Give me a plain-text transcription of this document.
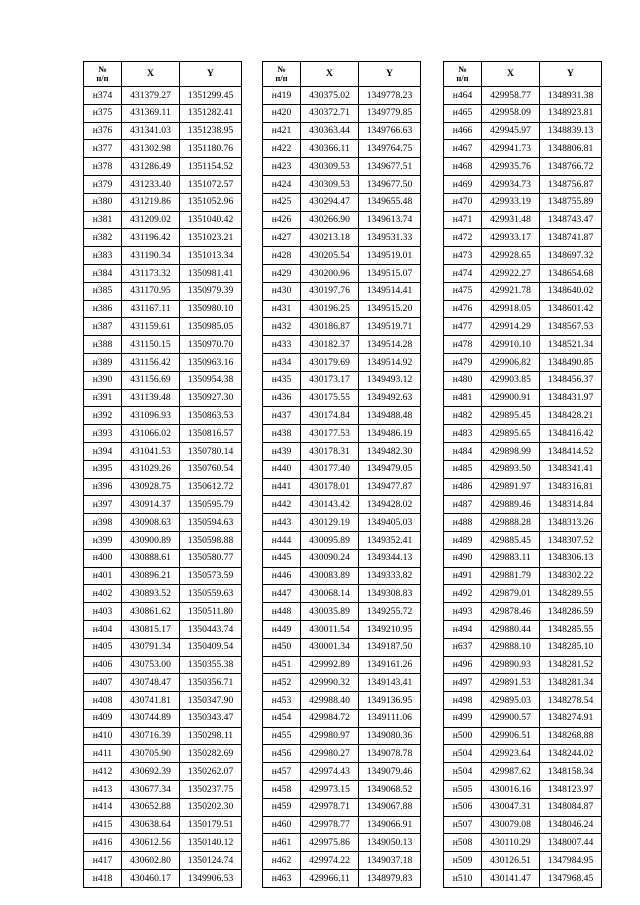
№
п/п	X	Y
н374	431379.27	1351299.45
н375	431369.11	1351282.41
н376	431341.03	1351238.95
н377	431302.98	1351180.76
н378	431286.49	1351154.52
н379	431233.40	1351072.57
н380	431219.86	1351052.96
н381	431209.02	1351040.42
н382	431196.42	1351023.21
н383	431190.34	1351013.34
н384	431173.32	1350981.41
н385	431170.95	1350979.39
н386	431167.11	1350980.10
н387	431159.61	1350985.05
н388	431150.15	1350970.70
н389	431156.42	1350963.16
н390	431156.69	1350954.38
н391	431139.48	1350927.30
н392	431096.93	1350863.53
н393	431066.02	1350816.57
н394	431041.53	1350780.14
н395	431029.26	1350760.54
н396	430928.75	1350612.72
н397	430914.37	1350595.79
н398	430908.63	1350594.63
н399	430900.89	1350598.88
н400	430888.61	1350580.77
н401	430896.21	1350573.59
н402	430893.52	1350559.63
н403	430861.62	1350511.80
н404	430815.17	1350443.74
н405	430791.34	1350409.54
н406	430753.00	1350355.38
н407	430748.47	1350356.71
н408	430741.81	1350347.90
н409	430744.89	1350343.47
н410	430716.39	1350298.11
н411	430705.90	1350282.69
н412	430692.39	1350262.07
н413	430677.34	1350237.75
н414	430652.88	1350202.30
н415	430638.64	1350179.51
н416	430612.56	1350140.12
н417	430602.80	1350124.74
н418	430460.17	1349906.53
№
п/п	X	Y
н419	430375.02	1349778.23
н420	430372.71	1349779.85
н421	430363.44	1349766.63
н422	430366.11	1349764.75
н423	430309.53	1349677.51
н424	430309.53	1349677.50
н425	430294.47	1349655.48
н426	430266.90	1349613.74
н427	430213.18	1349531.33
н428	430205.54	1349519.01
н429	430200.96	1349515.07
н430	430197.76	1349514.41
н431	430196.25	1349515.20
н432	430186.87	1349519.71
н433	430182.37	1349514.28
н434	430179.69	1349514.92
н435	430173.17	1349493.12
н436	430175.55	1349492.63
н437	430174.84	1349488.48
н438	430177.53	1349486.19
н439	430178.31	1349482.30
н440	430177.40	1349479.05
н441	430178.01	1349477.87
н442	430143.42	1349428.02
н443	430129.19	1349405.03
н444	430095.89	1349352.41
н445	430090.24	1349344.13
н446	430083.89	1349333.82
н447	430068.14	1349308.83
н448	430035.89	1349255.72
н449	430011.54	1349210.95
н450	430001.34	1349187.50
н451	429992.89	1349161.26
н452	429990.32	1349143.41
н453	429988.40	1349136.95
н454	429984.72	1349111.06
н455	429980.97	1349080.36
н456	429980.27	1349078.78
н457	429974.43	1349079.46
н458	429973.15	1349068.52
н459	429978.71	1349067.88
н460	429978.77	1349066.91
н461	429975.86	1349050.13
н462	429974.22	1349037.18
н463	429966.11	1348979.83
№
п/п	X	Y
н464	429958.77	1348931.38
н465	429958.09	1348923.81
н466	429945.97	1348839.13
н467	429941.73	1348806.81
н468	429935.76	1348766.72
н469	429934.73	1348756.87
н470	429933.19	1348755.89
н471	429931.48	1348743.47
н472	429933.17	1348741.87
н473	429928.65	1348697.32
н474	429922.27	1348654.68
н475	429921.78	1348640.02
н476	429918.05	1348601.42
н477	429914.29	1348567.53
н478	429910.10	1348521.34
н479	429906.82	1348490.85
н480	429903.85	1348456.37
н481	429900.91	1348431.97
н482	429895.45	1348428.21
н483	429895.65	1348416.42
н484	429898.99	1348414.52
н485	429893.50	1348341.41
н486	429891.97	1348316.81
н487	429889.46	1348314.84
н488	429888.28	1348313.26
н489	429885.45	1348307.52
н490	429883.11	1348306.13
н491	429881.79	1348302.22
н492	429879.01	1348289.55
н493	429878.46	1348286.59
н494	429880.44	1348285.55
н637	429888.10	1348285.10
н496	429890.93	1348281.52
н497	429891.53	1348281.34
н498	429895.03	1348278.54
н499	429900.57	1348274.91
н500	429906.51	1348268.88
н504	429923.64	1348244.02
н504	429987.62	1348158.34
н505	430016.16	1348123.97
н506	430047.31	1348084.87
н507	430079.08	1348046.24
н508	430110.29	1348007.44
н509	430126.51	1347984.95
н510	430141.47	1347968.45
